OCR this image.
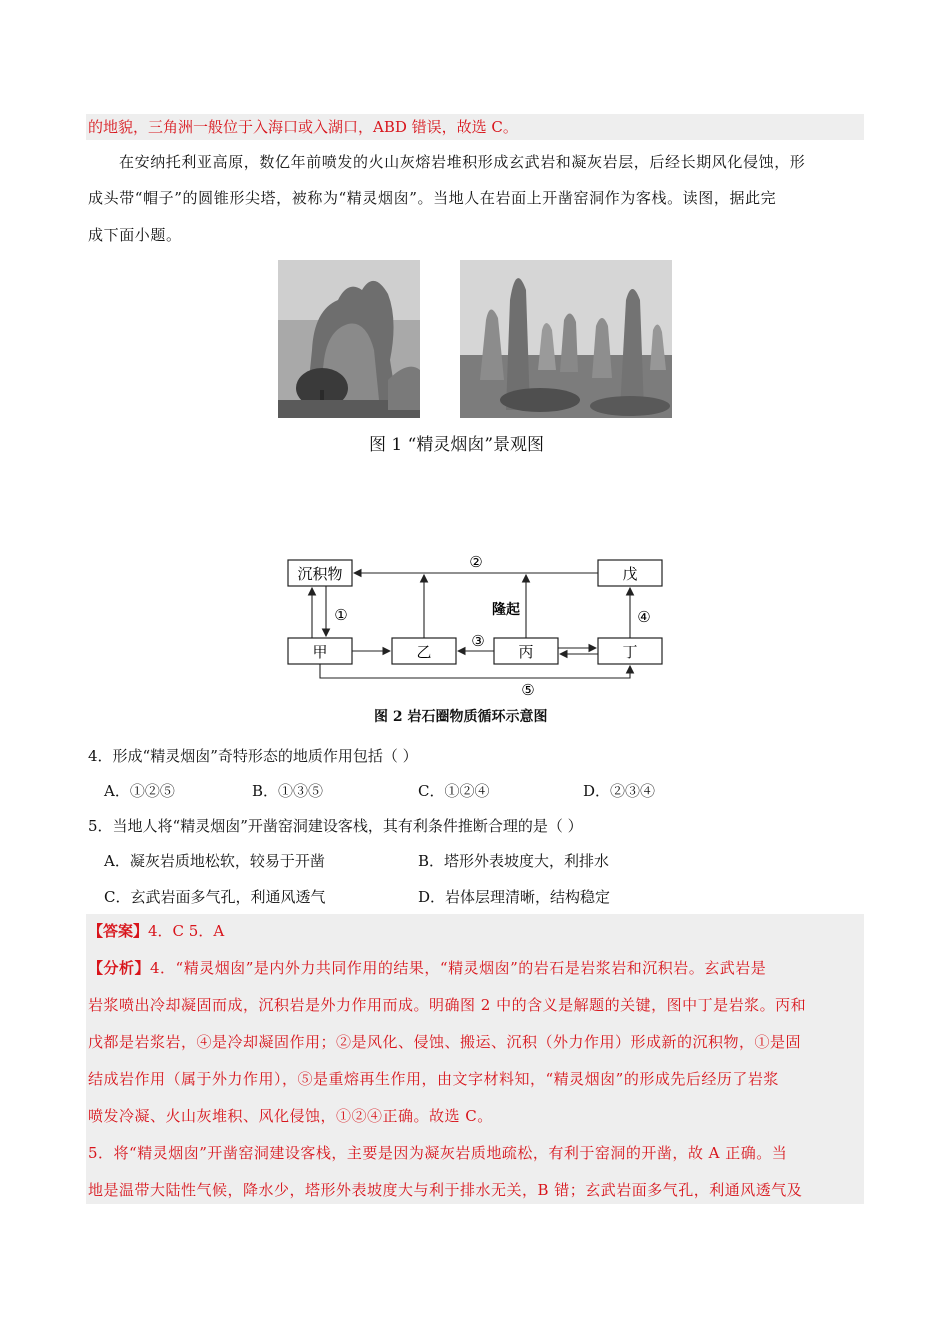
的地貌，三角洲一般位于入海口或入湖口，ABD 错误，故选 C。
在安纳托利亚高原，数亿年前喷发的火山灰熔岩堆积形成玄武岩和凝灰岩层，后经长期风化侵蚀，形
成头带“帽子”的圆锥形尖塔，被称为“精灵烟囱”。当地人在岩面上开凿窑洞作为客栈。读图，据此完
成下面小题。
图 1 “精灵烟囱”景观图
沉积物	戊
甲	乙	丙	丁
②
①	隆起	④
③
⑤
图 2 岩石圈物质循环示意图
4．形成“精灵烟囱”奇特形态的地质作用包括（ ）
A．①②⑤	B．①③⑤	C．①②④	D．②③④
5．当地人将“精灵烟囱”开凿窑洞建设客栈，其有利条件推断合理的是（ ）
A．凝灰岩质地松软，较易于开凿	B．塔形外表坡度大，利排水
C．玄武岩面多气孔，利通风透气	D．岩体层理清晰，结构稳定
【答案】4．C 5．A
【分析】4．“精灵烟囱”是内外力共同作用的结果，“精灵烟囱”的岩石是岩浆岩和沉积岩。玄武岩是
岩浆喷出冷却凝固而成，沉积岩是外力作用而成。明确图 2 中的含义是解题的关键，图中丁是岩浆。丙和
戊都是岩浆岩，④是冷却凝固作用；②是风化、侵蚀、搬运、沉积（外力作用）形成新的沉积物，①是固
结成岩作用（属于外力作用），⑤是重熔再生作用，由文字材料知，“精灵烟囱”的形成先后经历了岩浆
喷发冷凝、火山灰堆积、风化侵蚀，①②④正确。故选 C。
5．将“精灵烟囱”开凿窑洞建设客栈，主要是因为凝灰岩质地疏松，有利于窑洞的开凿，故 A 正确。当
地是温带大陆性气候，降水少，塔形外表坡度大与利于排水无关，B 错；玄武岩面多气孔，利通风透气及
